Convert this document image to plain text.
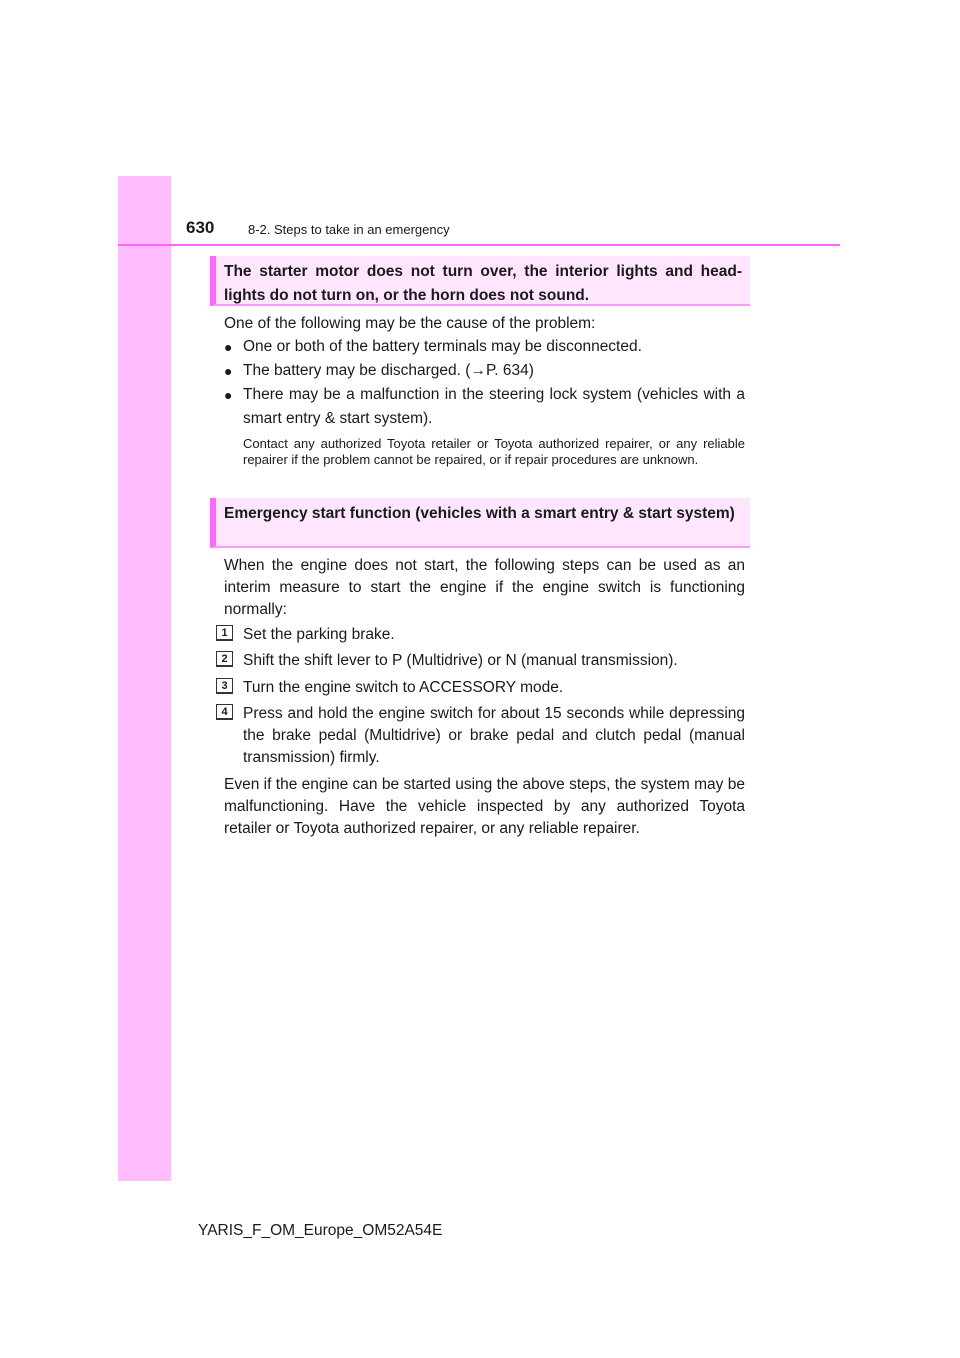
630	8-2. Steps to take in an emergency
The starter motor does not turn over, the interior lights and head-lights do not turn on, or the horn does not sound.
One of the following may be the cause of the problem:
● One or both of the battery terminals may be disconnected.
● The battery may be discharged. (→P. 634)
● There may be a malfunction in the steering lock system (vehicles with a smart entry & start system).
Contact any authorized Toyota retailer or Toyota authorized repairer, or any reliable repairer if the problem cannot be repaired, or if repair procedures are unknown.
Emergency start function (vehicles with a smart entry & start system)
When the engine does not start, the following steps can be used as an interim measure to start the engine if the engine switch is functioning normally:
1 Set the parking brake.
2 Shift the shift lever to P (Multidrive) or N (manual transmission).
3 Turn the engine switch to ACCESSORY mode.
4 Press and hold the engine switch for about 15 seconds while depressing the brake pedal (Multidrive) or brake pedal and clutch pedal (manual transmission) firmly.
Even if the engine can be started using the above steps, the system may be malfunctioning. Have the vehicle inspected by any authorized Toyota retailer or Toyota authorized repairer, or any reliable repairer.
YARIS_F_OM_Europe_OM52A54E
